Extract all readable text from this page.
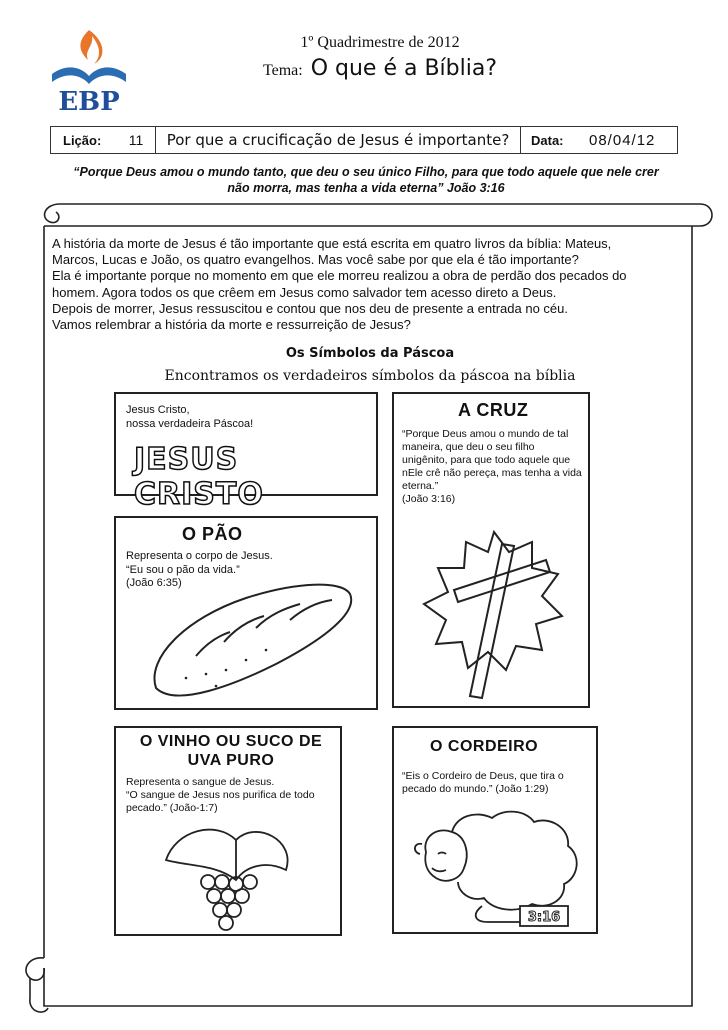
EBP
1º Quadrimestre de 2012
Tema: O que é a Bíblia?
Lição:	11	Por que a crucificação de Jesus é importante?	Data:	08/04/12
“Porque Deus amou o mundo tanto, que deu o seu único Filho, para que todo aquele que nele crer
não morra, mas tenha a vida eterna” João 3:16
A história da morte de Jesus é tão importante que está escrita em quatro livros da bíblia: Mateus,
Marcos, Lucas e João, os quatro evangelhos. Mas você sabe por que ela é tão importante?
Ela é importante porque no momento em que ele morreu realizou a obra de perdão dos pecados do
homem. Agora todos os que crêem em Jesus como salvador tem acesso direto a Deus.
Depois de morrer, Jesus ressuscitou e contou que nos deu de presente a entrada no céu.
Vamos relembrar a história da morte e ressurreição de Jesus?
Os Símbolos da Páscoa
Encontramos os verdadeiros símbolos da páscoa na bíblia
Jesus Cristo,
nossa verdadeira Páscoa!
JESUS CRISTO
O PÃO
Representa o corpo de Jesus.
“Eu sou o pão da vida.”
(João 6:35)
A CRUZ
“Porque Deus amou o mundo de tal
maneira, que deu o seu filho
unigênito, para que todo aquele que
nEle crê não pereça, mas tenha a vida
eterna.”
(João 3:16)
O VINHO OU SUCO DE
UVA PURO
Representa o sangue de Jesus.
“O sangue de Jesus nos purifica de todo
pecado.” (João-1:7)
O CORDEIRO
“Eis o Cordeiro de Deus, que tira o
pecado do mundo.” (João 1:29)
3:16
